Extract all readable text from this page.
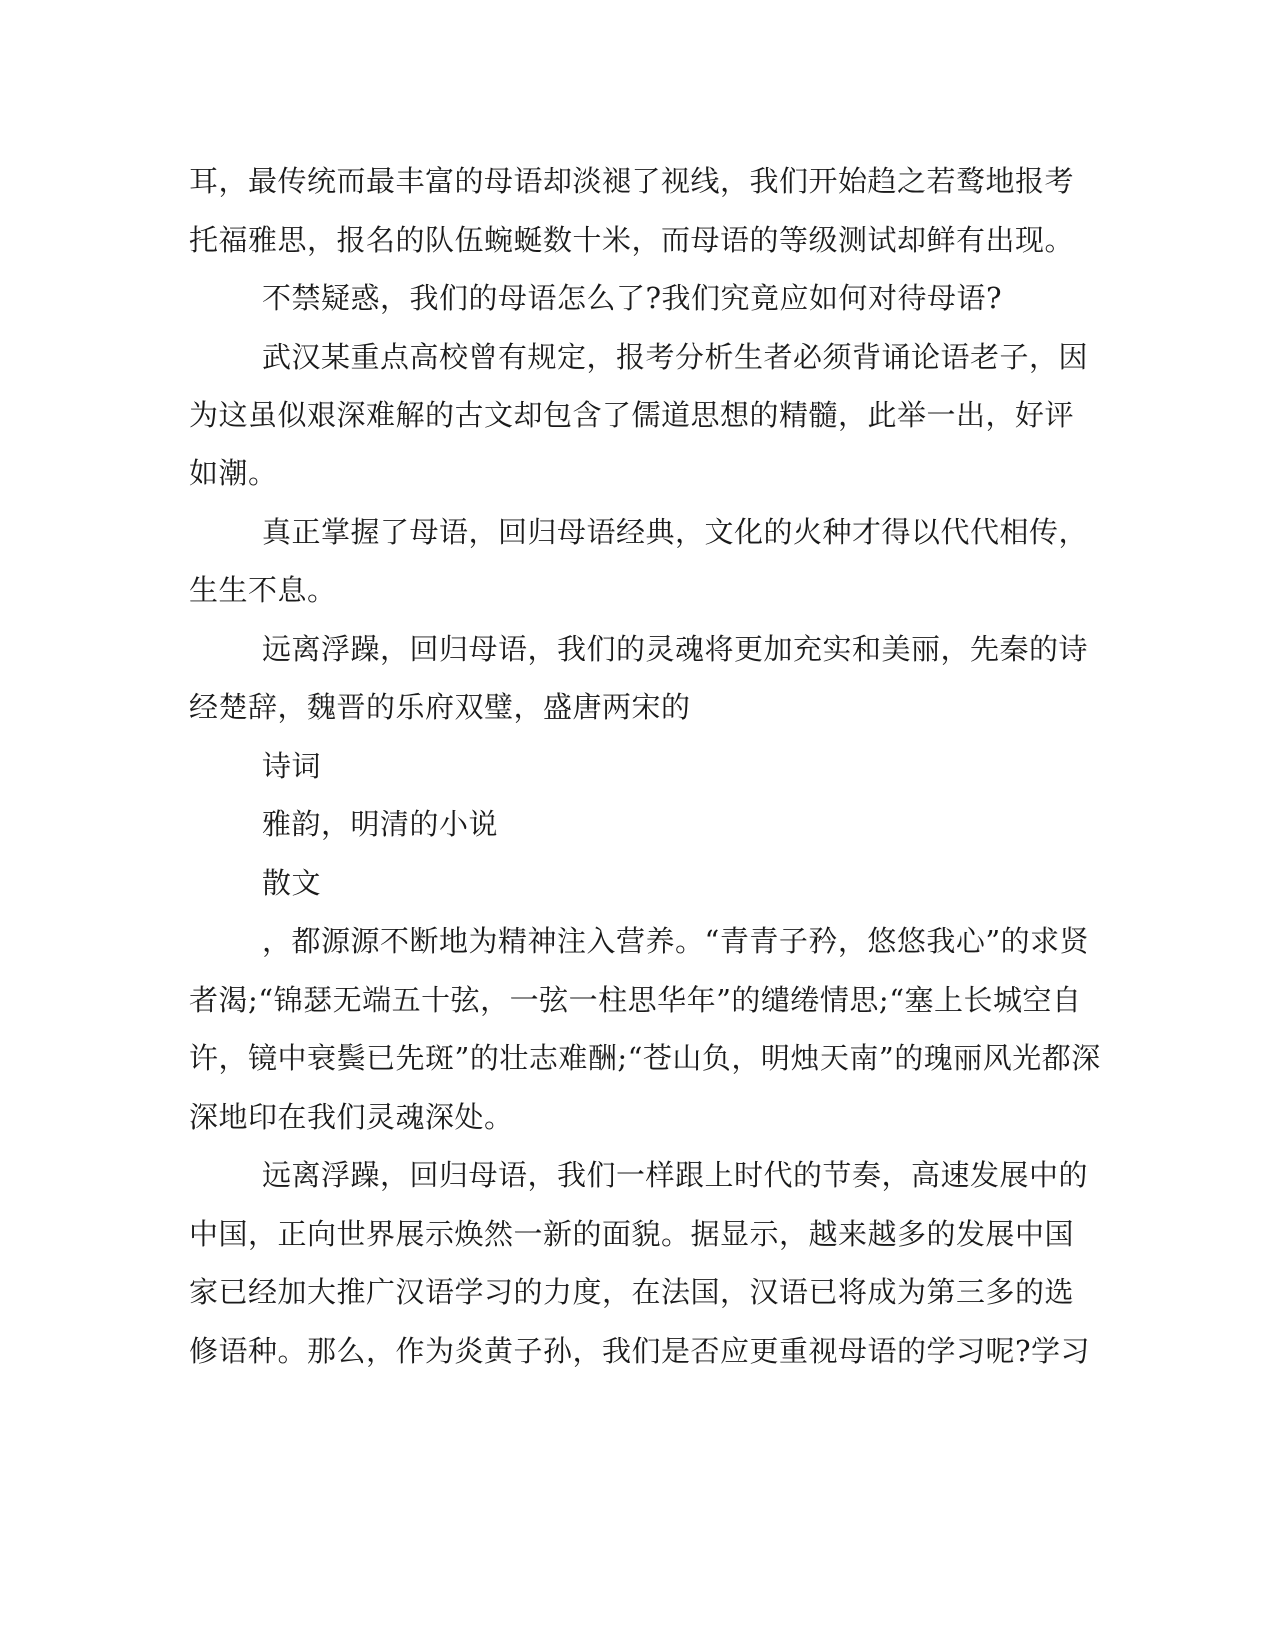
耳，最传统而最丰富的母语却淡褪了视线，我们开始趋之若鹜地报考
托福雅思，报名的队伍蜿蜒数十米，而母语的等级测试却鲜有出现。
不禁疑惑，我们的母语怎么了?我们究竟应如何对待母语?
武汉某重点高校曾有规定，报考分析生者必须背诵论语老子，因
为这虽似艰深难解的古文却包含了儒道思想的精髓，此举一出，好评
如潮。
真正掌握了母语，回归母语经典，文化的火种才得以代代相传，
生生不息。
远离浮躁，回归母语，我们的灵魂将更加充实和美丽，先秦的诗
经楚辞，魏晋的乐府双璧，盛唐两宋的
诗词
雅韵，明清的小说
散文
，都源源不断地为精神注入营养。“青青子矜，悠悠我心”的求贤
者渴;“锦瑟无端五十弦，一弦一柱思华年”的缱绻情思;“塞上长城空自
许，镜中衰鬓已先斑”的壮志难酬;“苍山负，明烛天南”的瑰丽风光都深
深地印在我们灵魂深处。
远离浮躁，回归母语，我们一样跟上时代的节奏，高速发展中的
中国，正向世界展示焕然一新的面貌。据显示，越来越多的发展中国
家已经加大推广汉语学习的力度，在法国，汉语已将成为第三多的选
修语种。那么，作为炎黄子孙，我们是否应更重视母语的学习呢?学习
